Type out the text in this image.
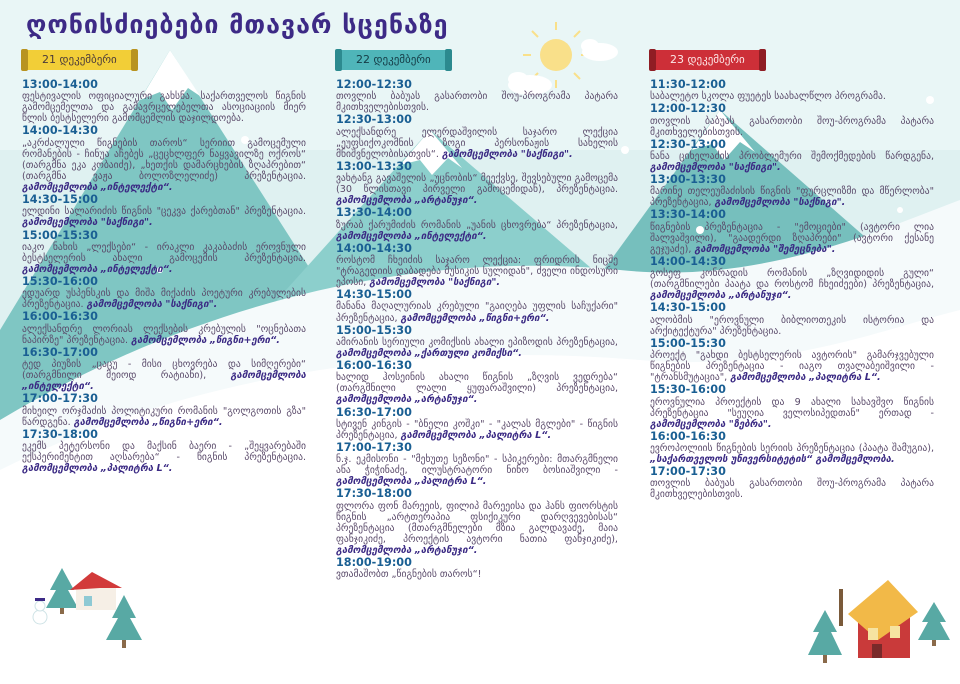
ღონისძიებები მთავარ სცენაზე
21 დეკემბერი
13:00-14:00
ფესტივალის ოფიციალური გახსნა. საქართველოს წიგნის გამომცემელთა და გამავრცელებელთა ასოციაციის მიერ წლის ბესტსელერი გამომცემლის დაჯილდოება.
14:00-14:30
„აკრძალული წიგნების თაროს“ სერიით გამოცემული რომანების - ჩინუა აჩებეს „ცეცხლფერ ნაყვავილზე ოქროს“ (თარგმნა ეკა კობაიძე), „ხეთქის დამარცხების ზღაპრებით“ (თარგმნა ვაჟა ბოლოზლელიძე) პრეზენტაცია. გამომცემლობა „ინტელექტი“.
14:30-15:00
ელდინი სალარიძის წიგნის "ცეკვა ქარებთან" პრეზენტაცია. გამომცემლობა "საქნიგი".
15:00-15:30
იაკო ნახის „ლექსები“ - ირაკლი კაკაბაძის ეროვნული ბესტსელერის ახალი გამოცემის პრეზენტაცია. გამომცემლობა „ინტელექტი“.
15:30-16:00
ედუარდ უსპენსკის და მიშა მიქაძის პოეტური კრებულების პრეზენტაცია. გამომცემლობა "საქნიგი".
16:00-16:30
ალექსანდრე ლორიას ლექსების კრებულის "ოცნებათა ნაპირზე" პრეზენტაცია. გამომცემლობა „წიგნი+ერი“.
16:30-17:00
ტედ პიუზის „ცაცუ - მისი ცხოვრება და სიმღერები“ (თარგმნილი მეიოდ რატიანი),	გამომცემლობა „ინტელექტი“.
17:00-17:30
მიხეილ ორჯმაძის პოლიტიკური რომანის "გოლგოთის გზა" წარდგენა. გამომცემლობა „წიგნი+ერი“.
17:30-18:00
ეკემს პეტერსონი და მაქსინ ბაერი - „შეყვარებაში ექსპერიმენტით აღსარება“ - წიგნის პრეზენტაცია. გამომცემლობა „პალიტრა L“.
22 დეკემბერი
12:00-12:30
თოვლის ბაბუას გასართობი შოუ-პროგრამა პატარა მკითხველებისთვის.
12:30-13:00
ალექსანდრე ელერდაშვილის საჯარო ლექცია „ეუფსიქოკომნის ზოგი პერსონაჟის სახელის მნიშვნელობისათვის“. გამომცემლობა "საქნიგი".
13:00-13:30
ვახტანგ გავაშელის „უცნობის“ მეექვსე, შევსებული გამოცემა (30 წლისთავი პირველი გამოცემიდან), პრეზენტაცია. გამომცემლობა „არტანუჯი“.
13:30-14:00
ზურაბ ქარუმიძის რომანის „უანის ცხოვრება“ პრეზენტაცია, გამომცემლობა „ინტელექტი“.
14:00-14:30
როსტომ ჩხეიძის საჯარო ლექცია: ფრიდრის ნიცშე "ტრაგედიის დაბადება მუსიკის სულიდან", ძველი ინდოსური ეპოსი, გამომცემლობა "საქნიგი".
14:30-15:00
მანანა მაღალურიას კრებული "გაიღება უფლის საჩუქარი" პრეზენტაცია, გამომცემლობა „წიგნი+ერი“.
15:00-15:30
ამირანის სერიული კომიქსის ახალი ეპიზოდის პრეზენტაცია, გამომცემლობა „ქართული კომიქსი“.
16:00-16:30
ხალიდ ჰოსეინის ახალი წიგნის „ზღვის ვედრება“ (თარგმნილი ლალი ყუფარაშვილი) პრეზენტაცია, გამომცემლობა „არტანუჯი“.
16:30-17:00
სტივენ კინგის - "ბნელი კოშკი" - "კალას მგლები" - წიგნის პრეზენტაცია, გამომცემლობა „პალიტრა L“.
17:00-17:30
ნ.ჯ. ეკმისონი - "მეხუთე სეზონი" - სპიკერები: მთარგმნელი ანა ჭიჭინაძე, ილუსტრატორი ნინო ბოსიაშვილი - გამომცემლობა „პალიტრა L“.
17:30-18:00
ფლორა ფონ მარეეის, ფილიპ მარეეისა და ჰანს ფიორსტის წიგნის „არტთერაპია ფსიქიკური დარღვევებისას“ პრეზენტაცია (მთარგმნელები მზია გალდავაძე, მაია ფანჯიკიძე, პროექტის ავტორი ნათია ფანჯიკიძე), გამომცემლობა „არტანუჯი“.
18:00-19:00
ვთამაშობთ „წიგნების თაროს“!
23 დეკემბერი
11:30-12:00
საბალეტო სკოლა ფუეტეს საახალწლო პროგრამა.
12:00-12:30
თოვლის ბაბუას გასართობი შოუ-პროგრამა პატარა მკითხველებისთვის.
12:30-13:00
ნანა ციხელაძის პრობლემური შემოქმედების წარდგენა, გამომცემლობა "საქნიგი".
13:00-13:30
მარინე თელეუმაძისის წიგნის "ფურცლიზმი და მწერლობა" პრეზენტაცია, გამომცემლობა "საქნიგი".
13:30-14:00
წიგნების პრეზენტაცია - "ემოციები" (ავტორი ლია შალვაშვილი), "გაადერდი ზღაპრები" (ავტორი ქესანე გეჯუაძე), გამომცემლობა "შემეცნება".
14:00-14:30
გოსეფ კონრადის რომანის „ზღვიდიდის გული“ (თარგმნილები პაატა და როსტომ ჩხეიძეები) პრეზენტაცია, გამომცემლობა „არტანუჯი“.
14:30-15:00
ალობმის "ეროვნული ბიბლიოთეკის ისტორია და არქიტექტურა" პრეზენტაცია.
15:00-15:30
პროექტ "გახდი ბესტსელერის ავტორის" გამარჯვებული წიგნების პრეზენტაცია - იაგო თვალაბეიშვილი - "ტრანსმუტაცია", გამომცემლობა „პალიტრა L“.
15:30-16:00
ეროვნულია პროექტის და 9 ახალი სახავშვო წიგნის პრეზენტაცია "სეუღია ველოსიპედთან" ერთად - გამომცემლობა "ზებრა".
16:00-16:30
ევროპოლიის წიგნების სერიის პრეზენტაცია (პაატა შამუგია), „საქართველოს უნივერსიტეტის“ გამომცემლობა.
17:00-17:30
თოვლის ბაბუას გასართობი შოუ-პროგრამა პატარა მკითხველებისთვის.
